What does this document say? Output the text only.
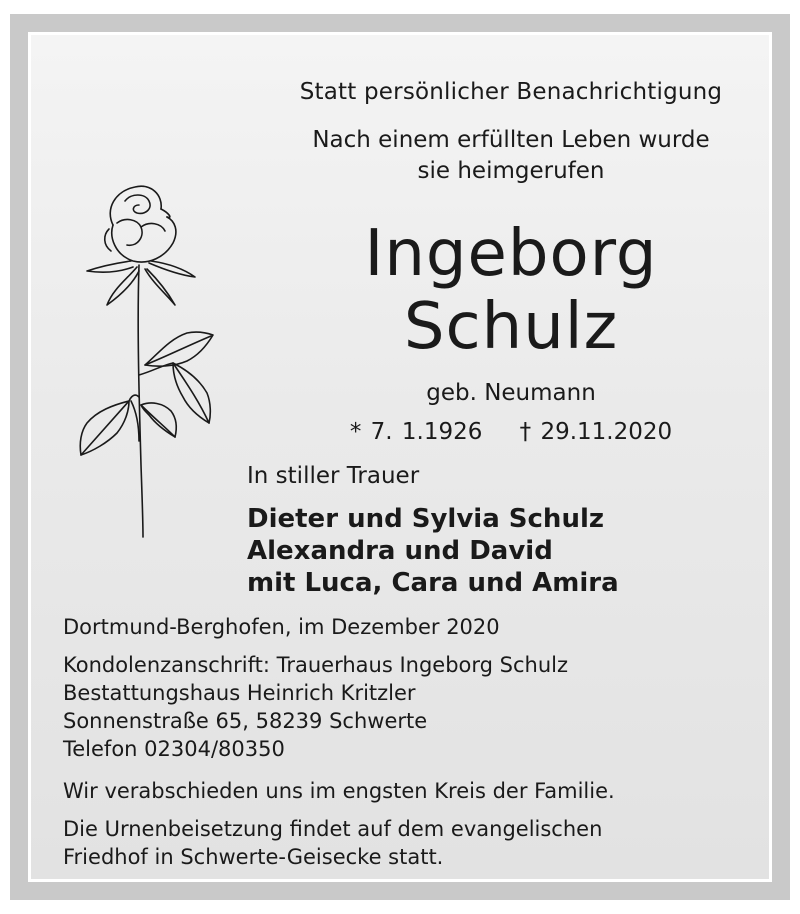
Statt persönlicher Benachrichtigung

Nach einem erfüllten Leben wurde

sie heimgerufen

Ingeborg

Schulz

geb. Neumann

* 7. 1.1926    † 29.11.2020

In stiller Trauer

Dieter und Sylvia Schulz

Alexandra und David

mit Luca, Cara und Amira

Dortmund-Berghofen, im Dezember 2020

Kondolenzanschrift: Trauerhaus Ingeborg Schulz

Bestattungshaus Heinrich Kritzler

Sonnenstraße 65, 58239 Schwerte

Telefon 02304/80350

Wir verabschieden uns im engsten Kreis der Familie.

Die Urnenbeisetzung findet auf dem evangelischen

Friedhof in Schwerte-Geisecke statt.
